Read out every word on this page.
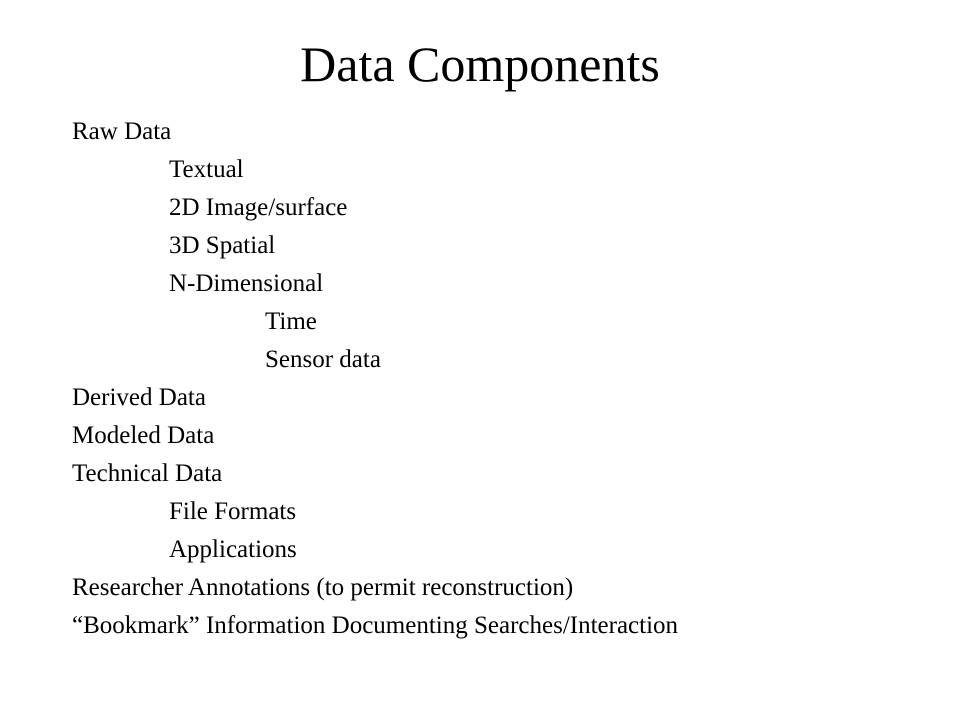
Data Components
Raw Data
Textual
2D Image/surface
3D Spatial
N-Dimensional
Time
Sensor data
Derived Data
Modeled Data
Technical Data
File Formats
Applications
Researcher Annotations (to permit reconstruction)
“Bookmark” Information Documenting Searches/Interaction
